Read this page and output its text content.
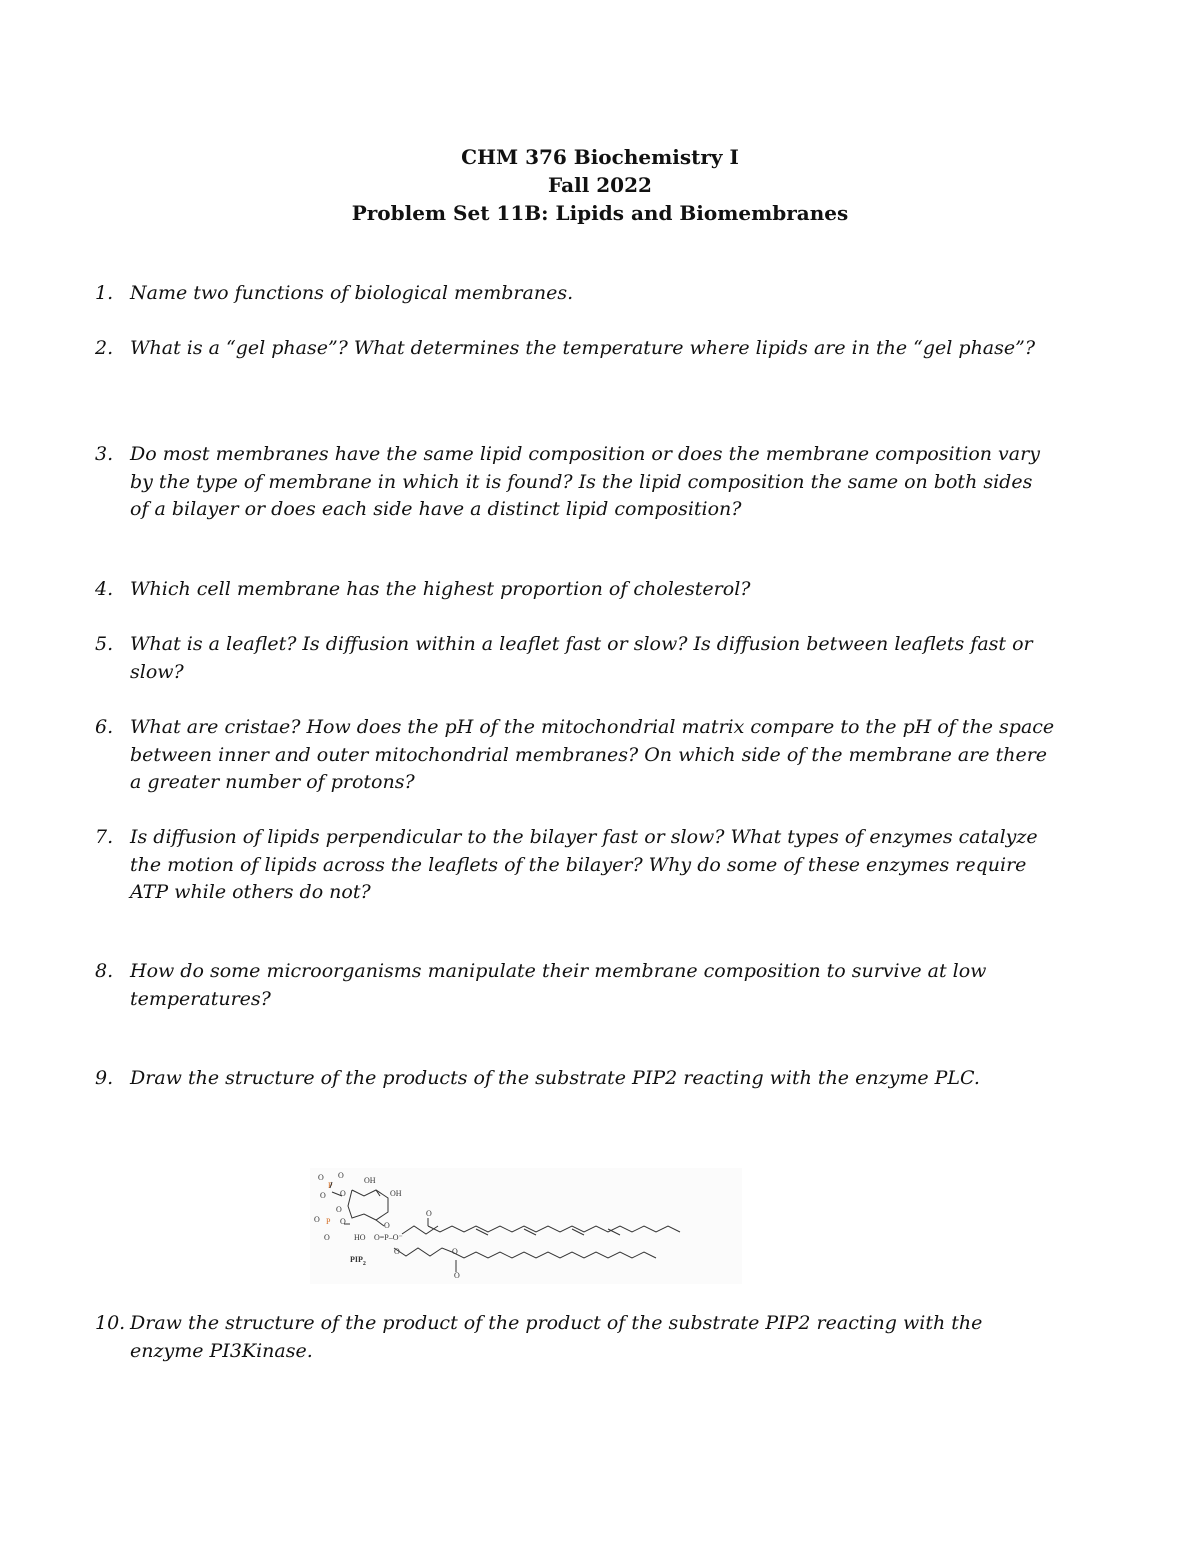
CHM 376 Biochemistry I
Fall 2022
Problem Set 11B: Lipids and Biomembranes
1. Name two functions of biological membranes.
2. What is a “gel phase”? What determines the temperature where lipids are in the “gel phase”?
3. Do most membranes have the same lipid composition or does the membrane composition vary by the type of membrane in which it is found? Is the lipid composition the same on both sides of a bilayer or does each side have a distinct lipid composition?
4. Which cell membrane has the highest proportion of cholesterol?
5. What is a leaflet? Is diffusion within a leaflet fast or slow? Is diffusion between leaflets fast or slow?
6. What are cristae? How does the pH of the mitochondrial matrix compare to the pH of the space between inner and outer mitochondrial membranes? On which side of the membrane are there a greater number of protons?
7. Is diffusion of lipids perpendicular to the bilayer fast or slow? What types of enzymes catalyze the motion of lipids across the leaflets of the bilayer? Why do some of these enzymes require ATP while others do not?
8. How do some microorganisms manipulate their membrane composition to survive at low temperatures?
9. Draw the structure of the products of the substrate PIP2 reacting with the enzyme PLC.
O O
P
O O
OH
OH
O
O P O
O
O
HO O=P–O⁻
O
O
O
O
$PIP_2$
10. Draw the structure of the product of the product of the substrate PIP2 reacting with the enzyme PI3Kinase.
